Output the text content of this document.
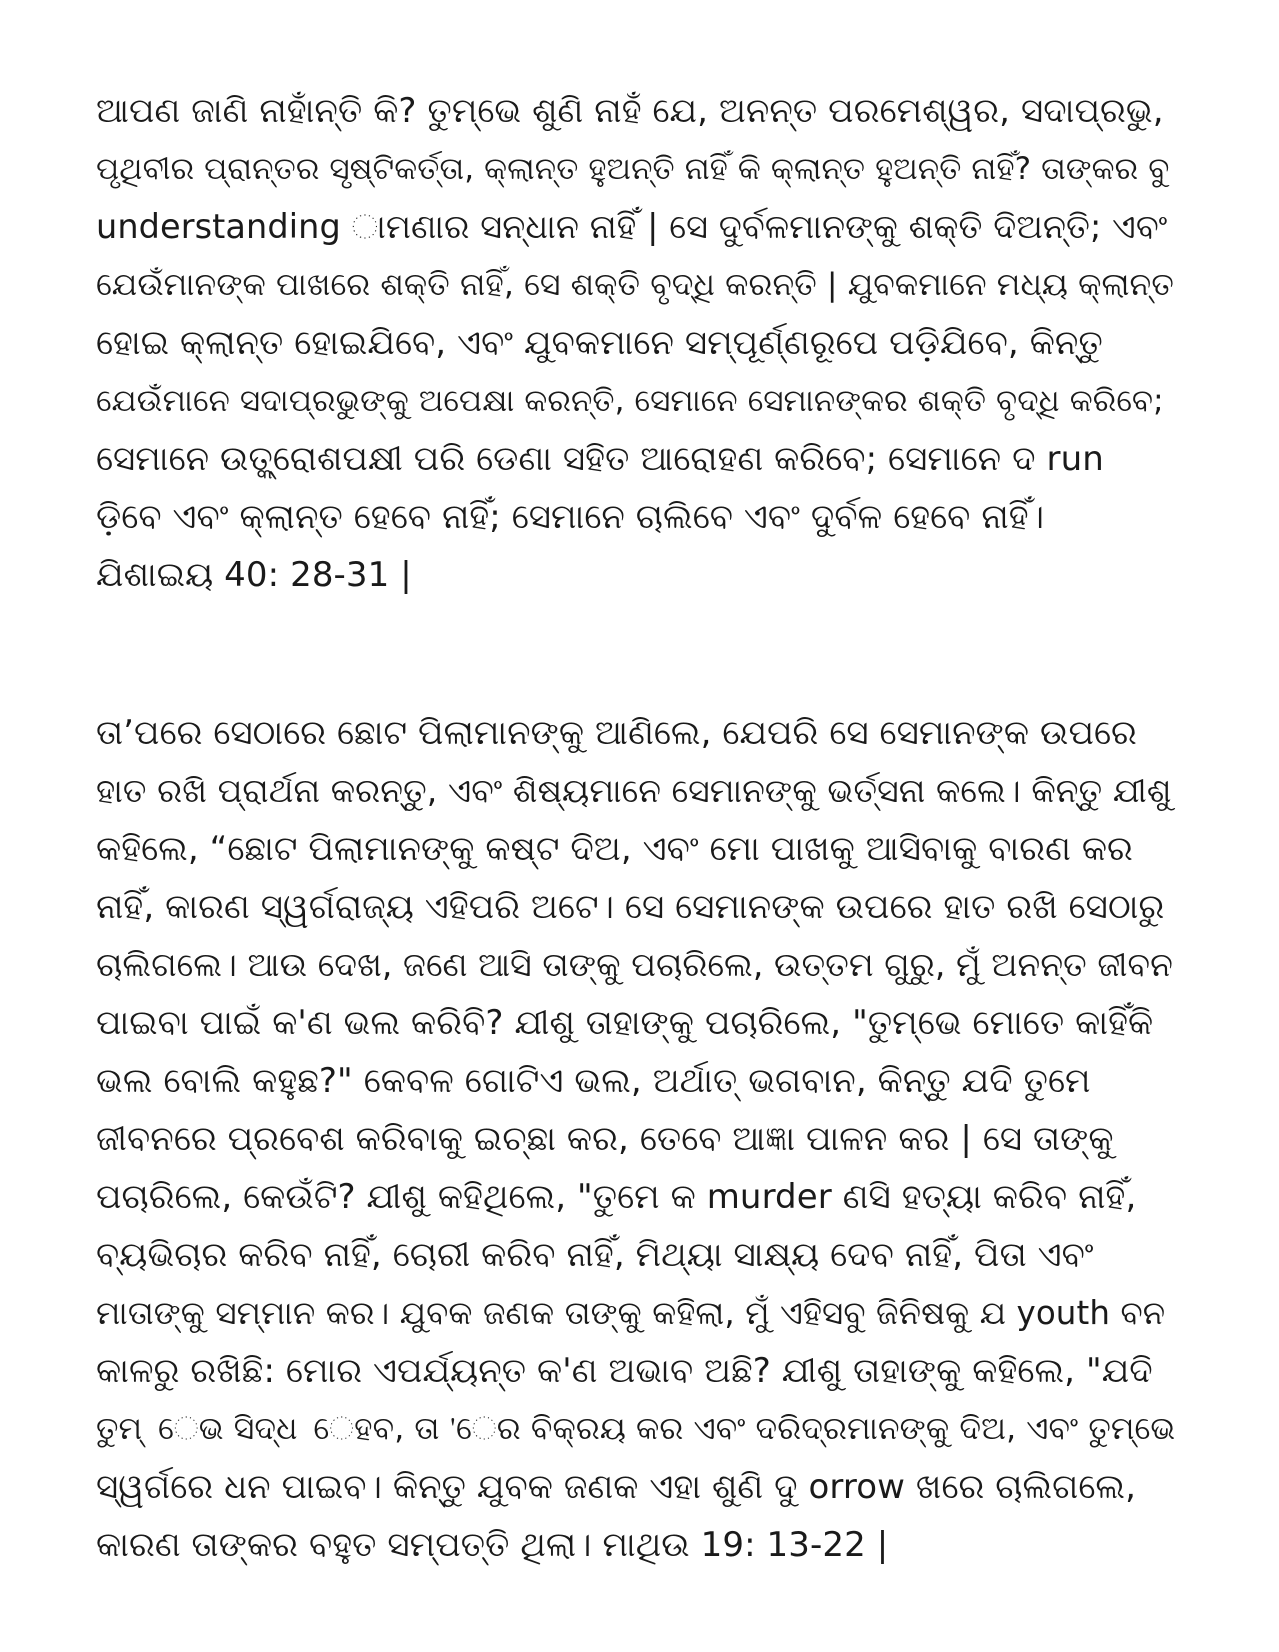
ଆପଣ ଜାଣି ନାହାଁନ୍ତି କି? ତୁମ୍ଭେ ଶୁଣି ନାହଁ ଯେ, ଅନନ୍ତ ପରମେଶ୍ୱର, ସଦାପ୍ରଭୁ,
ପୃଥିବୀର ପ୍ରାନ୍ତର ସୃଷ୍ଟିକର୍ତ୍ତା, କ୍ଲାନ୍ତ ହୁଅନ୍ତି ନାହିଁ କି କ୍ଲାନ୍ତ ହୁଅନ୍ତି ନାହିଁ? ତାଙ୍କର ବୁ
understanding ାମଣାର ସନ୍ଧାନ ନାହିଁ | ସେ ଦୁର୍ବଳମାନଙ୍କୁ ଶକ୍ତି ଦିଅନ୍ତି; ଏବଂ
ଯେଉଁମାନଙ୍କ ପାଖରେ ଶକ୍ତି ନାହିଁ, ସେ ଶକ୍ତି ବୃଦ୍ଧି କରନ୍ତି | ଯୁବକମାନେ ମଧ୍ୟ କ୍ଲାନ୍ତ
ହୋଇ କ୍ଲାନ୍ତ ହୋଇଯିବେ, ଏବଂ ଯୁବକମାନେ ସମ୍ପୂର୍ଣ୍ଣରୂପେ ପଡ଼ିଯିବେ, କିନ୍ତୁ
ଯେଉଁମାନେ ସଦାପ୍ରଭୁଙ୍କୁ ଅପେକ୍ଷା କରନ୍ତି, ସେମାନେ ସେମାନଙ୍କର ଶକ୍ତି ବୃଦ୍ଧି କରିବେ;
ସେମାନେ ଉତ୍କ୍ରୋଶପକ୍ଷୀ ପରି ଡେଣା ସହିତ ଆରୋହଣ କରିବେ; ସେମାନେ ଦ run
ଡ଼ିବେ ଏବଂ କ୍ଲାନ୍ତ ହେବେ ନାହିଁ; ସେମାନେ ଚାଲିବେ ଏବଂ ଦୁର୍ବଳ ହେବେ ନାହିଁ।
ଯିଶାଇୟ 40: 28-31 |
ତା’ପରେ ସେଠାରେ ଛୋଟ ପିଲାମାନଙ୍କୁ ଆଣିଲେ, ଯେପରି ସେ ସେମାନଙ୍କ ଉପରେ
ହାତ ରଖି ପ୍ରାର୍ଥନା କରନ୍ତୁ, ଏବଂ ଶିଷ୍ୟମାନେ ସେମାନଙ୍କୁ ଭର୍ତ୍ସନା କଲେ। କିନ୍ତୁ ଯୀଶୁ
କହିଲେ, “ଛୋଟ ପିଲାମାନଙ୍କୁ କଷ୍ଟ ଦିଅ, ଏବଂ ମୋ ପାଖକୁ ଆସିବାକୁ ବାରଣ କର
ନାହିଁ, କାରଣ ସ୍ୱର୍ଗରାଜ୍ୟ ଏହିପରି ଅଟେ। ସେ ସେମାନଙ୍କ ଉପରେ ହାତ ରଖି ସେଠାରୁ
ଚାଲିଗଲେ। ଆଉ ଦେଖ, ଜଣେ ଆସି ତାଙ୍କୁ ପଚାରିଲେ, ଉତ୍ତମ ଗୁରୁ, ମୁଁ ଅନନ୍ତ ଜୀବନ
ପାଇବା ପାଇଁ କ'ଣ ଭଲ କରିବି? ଯୀଶୁ ତାହାଙ୍କୁ ପଚାରିଲେ, "ତୁମ୍ଭେ ମୋତେ କାହିଁକି
ଭଲ ବୋଲି କହୁଛ?" କେବଳ ଗୋଟିଏ ଭଲ, ଅର୍ଥାତ୍ ଭଗବାନ, କିନ୍ତୁ ଯଦି ତୁମେ
ଜୀବନରେ ପ୍ରବେଶ କରିବାକୁ ଇଚ୍ଛା କର, ତେବେ ଆଜ୍ଞା ପାଳନ କର | ସେ ତାଙ୍କୁ
ପଚାରିଲେ, କେଉଁଟି? ଯୀଶୁ କହିଥିଲେ, "ତୁମେ କ murder ଣସି ହତ୍ୟା କରିବ ନାହିଁ,
ବ୍ୟଭିଚାର କରିବ ନାହିଁ, ଚୋରୀ କରିବ ନାହିଁ, ମିଥ୍ୟା ସାକ୍ଷ୍ୟ ଦେବ ନାହିଁ, ପିତା ଏବଂ
ମାତାଙ୍କୁ ସମ୍ମାନ କର। ଯୁବକ ଜଣକ ତାଙ୍କୁ କହିଲା, ମୁଁ ଏହିସବୁ ଜିନିଷକୁ ଯ youth ବନ
କାଳରୁ ରଖିଛି: ମୋର ଏପର୍ଯ୍ୟନ୍ତ କ'ଣ ଅଭାବ ଅଛି? ଯୀଶୁ ତାହାଙ୍କୁ କହିଲେ, "ଯଦି
ତୁମ୍ େଭ ସିଦ୍ଧ େହବ, ତା 'େର ବିକ୍ରୟ କର ଏବଂ ଦରିଦ୍ରମାନଙ୍କୁ ଦିଅ, ଏବଂ ତୁମ୍ଭେ
ସ୍ୱର୍ଗରେ ଧନ ପାଇବ। କିନ୍ତୁ ଯୁବକ ଜଣକ ଏହା ଶୁଣି ଦୁ orrow ଖରେ ଚାଲିଗଲେ,
କାରଣ ତାଙ୍କର ବହୁତ ସମ୍ପତ୍ତି ଥିଲା। ମାଥିଉ 19: 13-22 |
